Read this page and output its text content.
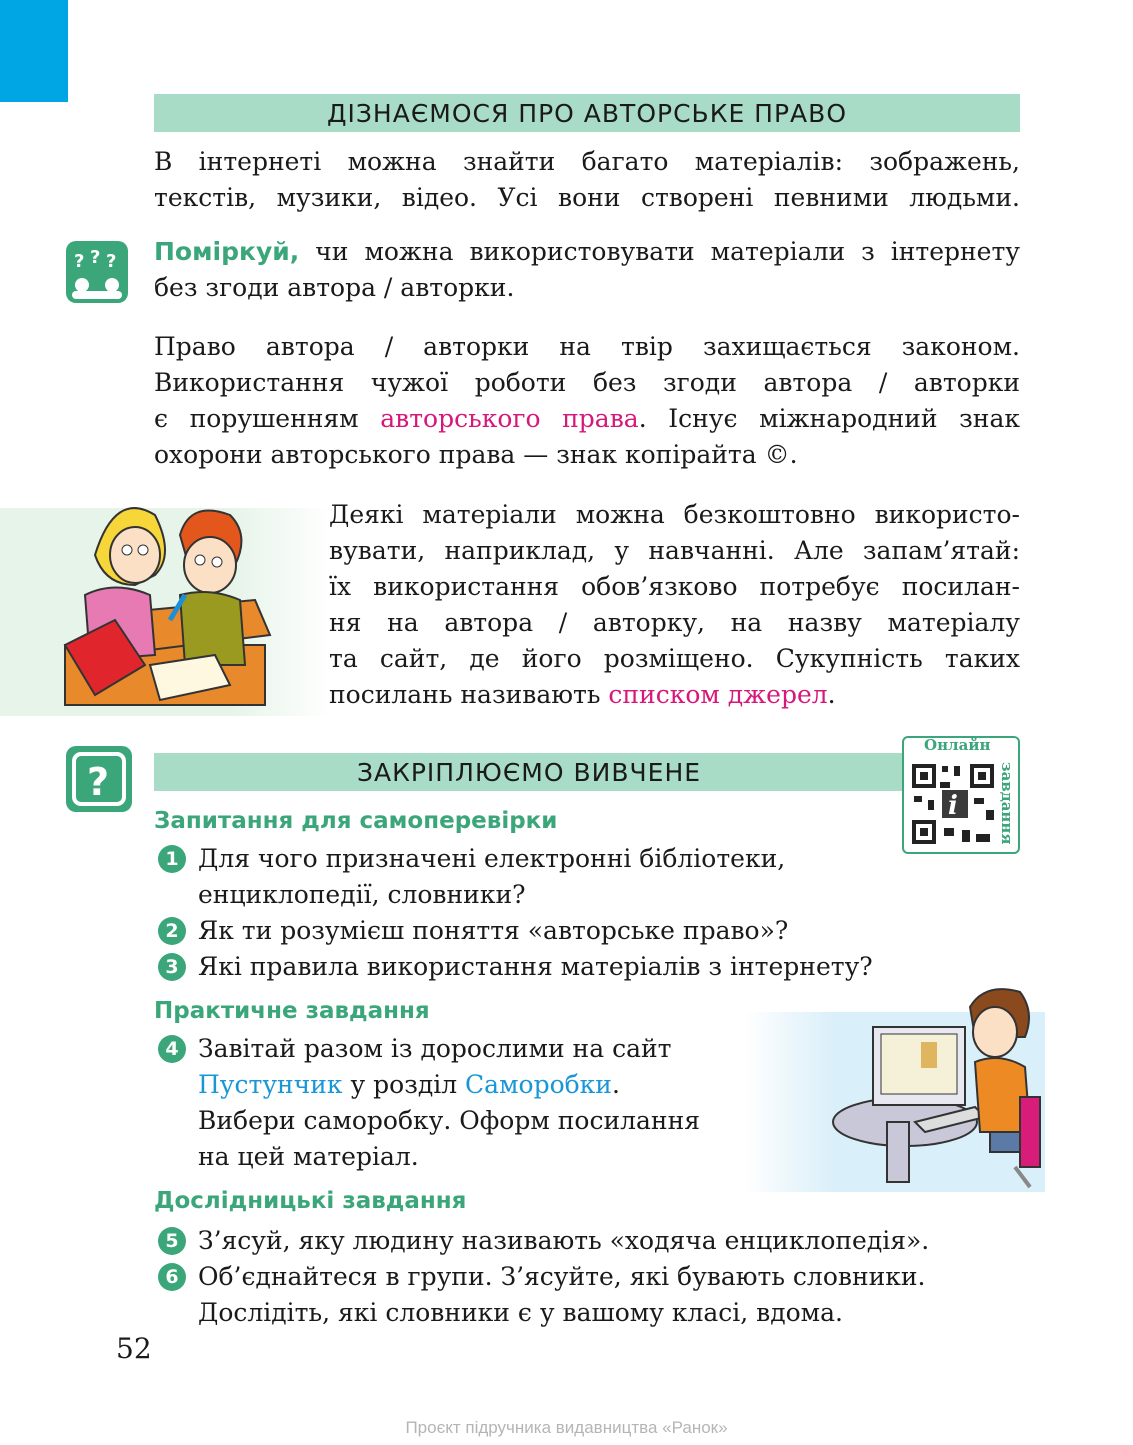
ДІЗНАЄМОСЯ ПРО АВТОРСЬКЕ ПРАВО

В інтернеті можна знайти багато матеріалів: зображень,

текстів, музики, відео. Усі вони створені певними людьми.

? ? ? Поміркуй, чи можна використовувати матеріали з інтернету

без згоди автора / авторки.

Право автора / авторки на твір захищається законом.

Використання чужої роботи без згоди автора / авторки

є порушенням авторського права. Існує міжнародний знак

охорони авторського права — знак копірайта ©.

Деякі матеріали можна безкоштовно використо-

вувати, наприклад, у навчанні. Але запам’ятай:

їх використання обов’язково потребує посилан-

ня на автора / авторку, на назву матеріалу

та сайт, де його розміщено. Сукупність таких

посилань називають списком джерел.

?	ЗАКРІПЛЮЄМО ВИВЧЕНЕ
i
Онлайн
завдання
Запитання для самоперевірки
1 Для чого призначені електронні бібліотеки,
енциклопедії, словники?
2 Як ти розумієш поняття «авторське право»?
3 Які правила використання матеріалів з інтернету?
Практичне завдання
4 Завітай разом із дорослими на сайт
Пустунчик у розділ Саморобки.
Вибери саморобку. Оформ посилання
на цей матеріал.
Дослідницькі завдання
5 З’ясуй, яку людину називають «ходяча енциклопедія».
6 Об’єднайтеся в групи. З’ясуйте, які бувають словники.
Дослідіть, які словники є у вашому класі, вдома.
52
Проєкт підручника видавництва «Ранок»
